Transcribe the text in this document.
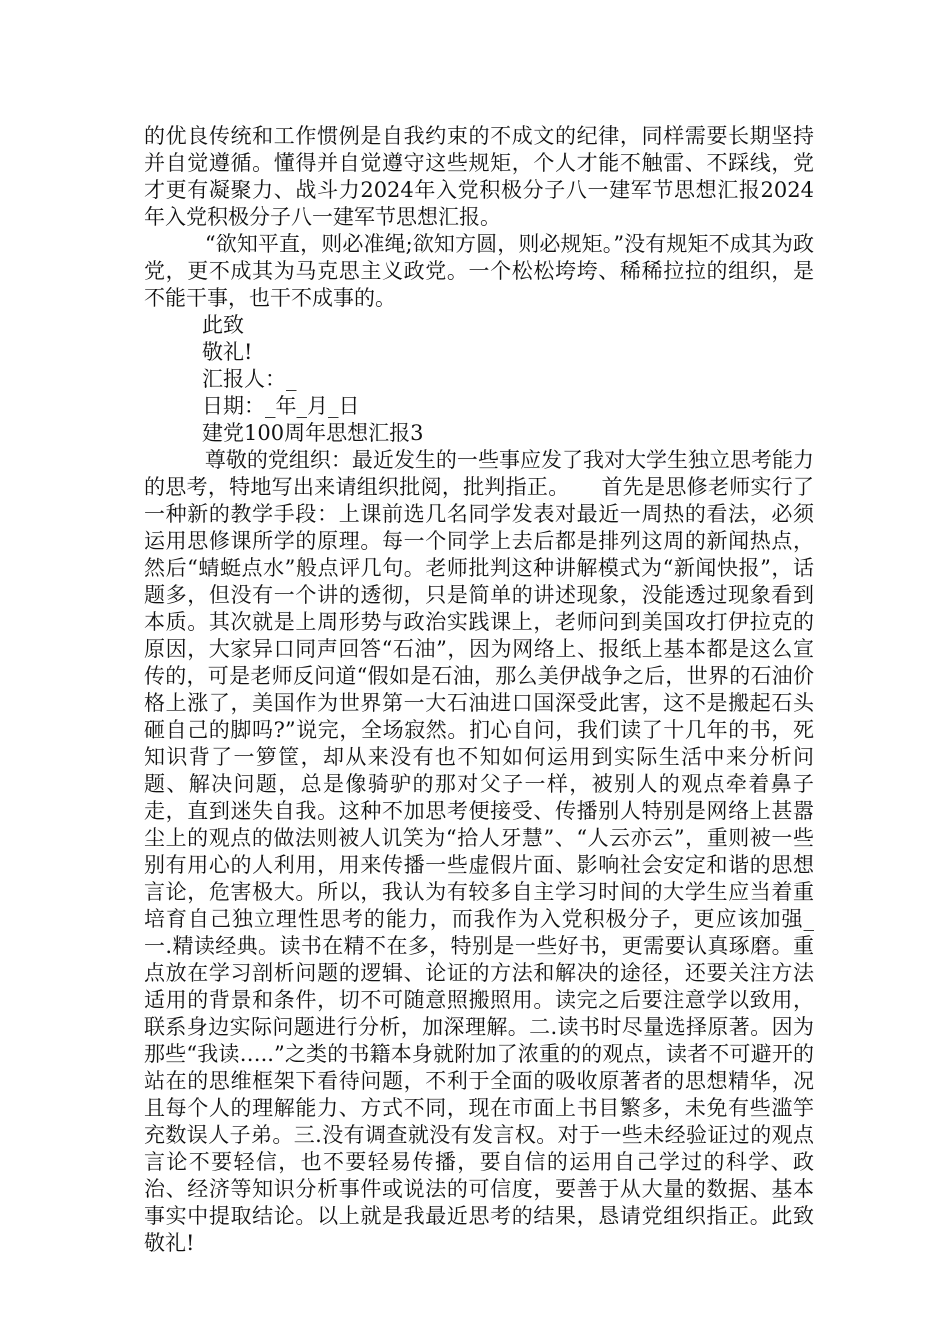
的优良传统和工作惯例是自我约束的不成文的纪律，同样需要长期坚持并自觉遵循。懂得并自觉遵守这些规矩，个人才能不触雷、不踩线，党才更有凝聚力、战斗力2024年入党积极分子八一建军节思想汇报2024年入党积极分子八一建军节思想汇报。

“欲知平直，则必准绳;欲知方圆，则必规矩。”没有规矩不成其为政党，更不成其为马克思主义政党。一个松松垮垮、稀稀拉拉的组织，是不能干事，也干不成事的。

此致

敬礼!

汇报人：_

日期：_年_月_日

建党100周年思想汇报3

尊敬的党组织：最近发生的一些事应发了我对大学生独立思考能力的思考，特地写出来请组织批阅，批判指正。　　首先是思修老师实行了一种新的教学手段：上课前选几名同学发表对最近一周热的看法，必须运用思修课所学的原理。每一个同学上去后都是排列这周的新闻热点，然后“蜻蜓点水”般点评几句。老师批判这种讲解模式为“新闻快报”，话题多，但没有一个讲的透彻，只是简单的讲述现象，没能透过现象看到本质。其次就是上周形势与政治实践课上，老师问到美国攻打伊拉克的原因，大家异口同声回答“石油”，因为网络上、报纸上基本都是这么宣传的，可是老师反问道“假如是石油，那么美伊战争之后，世界的石油价格上涨了，美国作为世界第一大石油进口国深受此害，这不是搬起石头砸自己的脚吗?”说完，全场寂然。扪心自问，我们读了十几年的书，死知识背了一箩筐，却从来没有也不知如何运用到实际生活中来分析问题、解决问题，总是像骑驴的那对父子一样，被别人的观点牵着鼻子走，直到迷失自我。这种不加思考便接受、传播别人特别是网络上甚嚣尘上的观点的做法则被人讥笑为“拾人牙慧”、“人云亦云”，重则被一些别有用心的人利用，用来传播一些虚假片面、影响社会安定和谐的思想言论，危害极大。所以，我认为有较多自主学习时间的大学生应当着重培育自己独立理性思考的能力，而我作为入党积极分子，更应该加强_　　一.精读经典。读书在精不在多，特别是一些好书，更需要认真琢磨。重点放在学习剖析问题的逻辑、论证的方法和解决的途径，还要关注方法适用的背景和条件，切不可随意照搬照用。读完之后要注意学以致用，联系身边实际问题进行分析，加深理解。二.读书时尽量选择原著。因为那些“我读…..”之类的书籍本身就附加了浓重的的观点，读者不可避开的站在的思维框架下看待问题，不利于全面的吸收原著者的思想精华，况且每个人的理解能力、方式不同，现在市面上书目繁多，未免有些滥竽充数误人子弟。三.没有调查就没有发言权。对于一些未经验证过的观点言论不要轻信，也不要轻易传播，要自信的运用自己学过的科学、政治、经济等知识分析事件或说法的可信度，要善于从大量的数据、基本事实中提取结论。以上就是我最近思考的结果，恳请党组织指正。此致敬礼!
